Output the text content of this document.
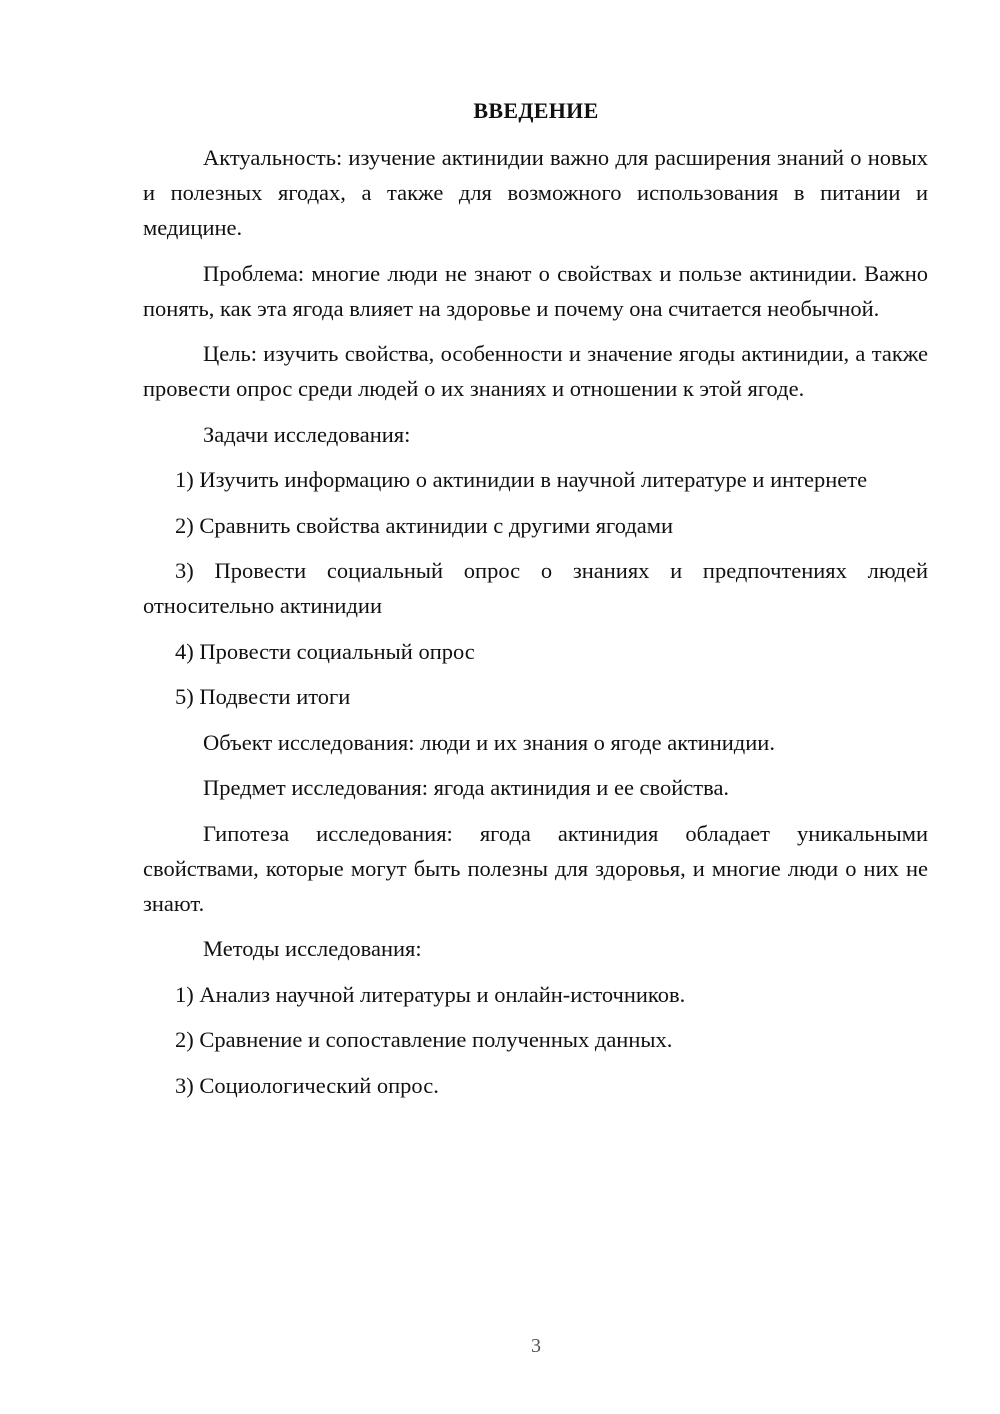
ВВЕДЕНИЕ

Актуальность: изучение актинидии важно для расширения знаний о новых и полезных ягодах, а также для возможного использования в питании и медицине.

Проблема: многие люди не знают о свойствах и пользе актинидии. Важно понять, как эта ягода влияет на здоровье и почему она считается необычной.

Цель: изучить свойства, особенности и значение ягоды актинидии, а также провести опрос среди людей о их знаниях и отношении к этой ягоде.

Задачи исследования:

1) Изучить информацию о актинидии в научной литературе и интернете

2) Сравнить свойства актинидии с другими ягодами

3) Провести социальный опрос о знаниях и предпочтениях людей относительно актинидии

4) Провести социальный опрос

5) Подвести итоги

Объект исследования: люди и их знания о ягоде актинидии.

Предмет исследования: ягода актинидия и ее свойства.

Гипотеза исследования: ягода актинидия обладает уникальными свойствами, которые могут быть полезны для здоровья, и многие люди о них не знают.

Методы исследования:

1) Анализ научной литературы и онлайн-источников.

2) Сравнение и сопоставление полученных данных.

3) Социологический опрос.

3
